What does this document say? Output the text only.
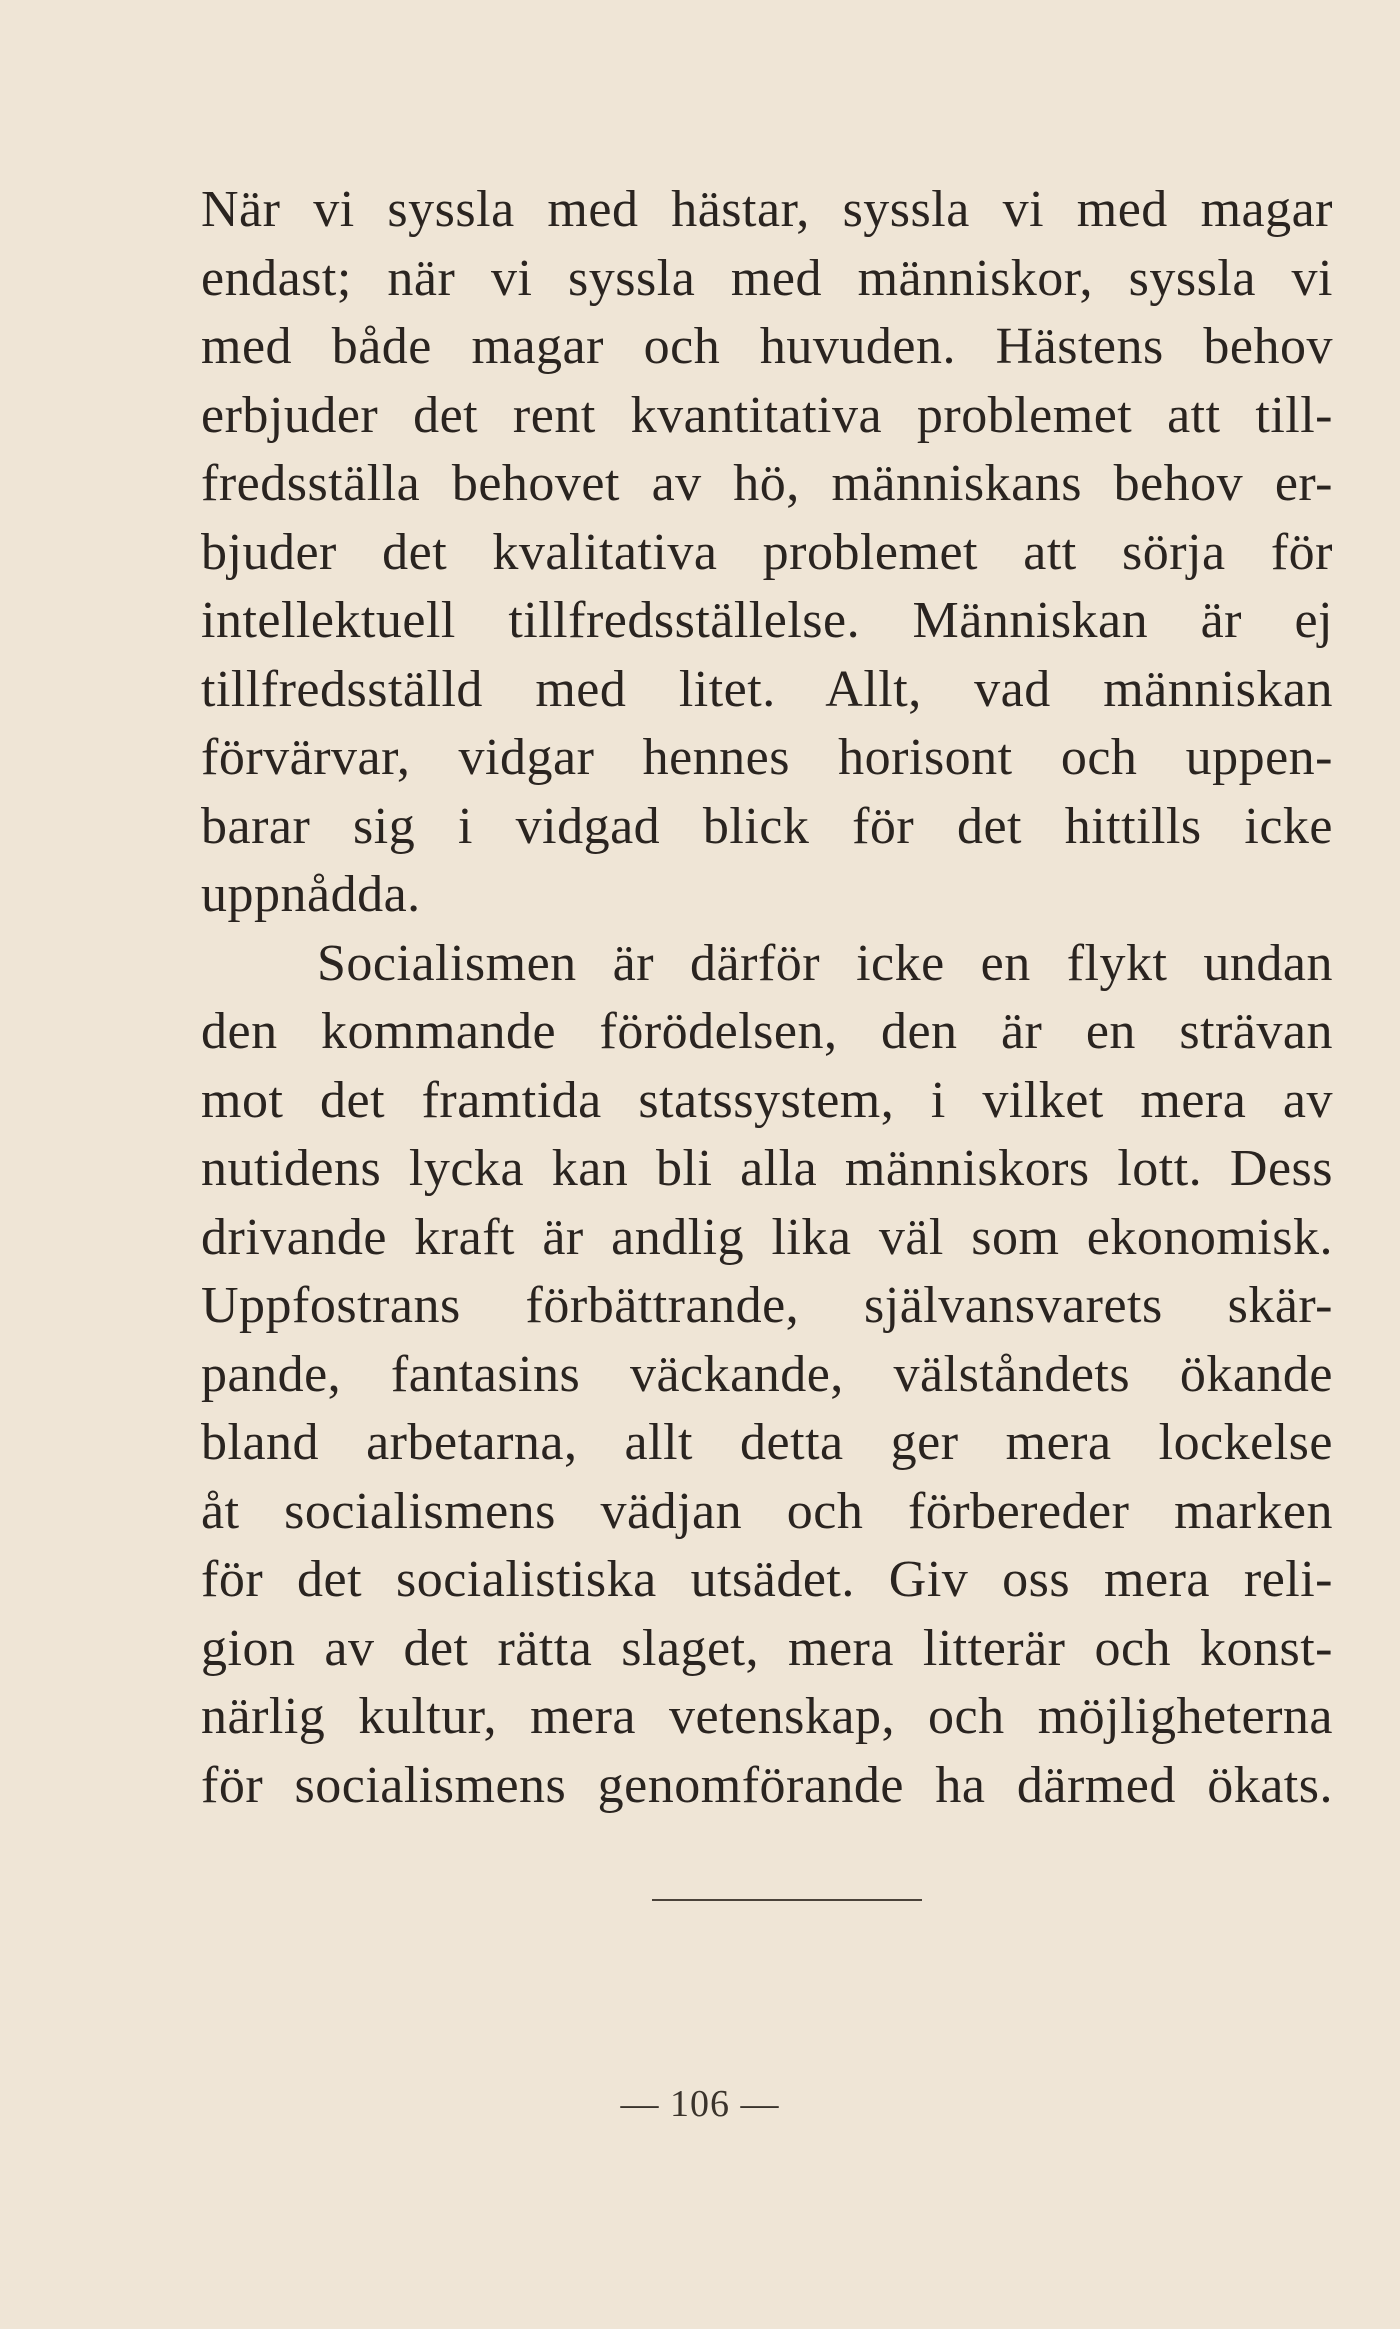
När vi syssla med hästar, syssla vi med magar
endast; när vi syssla med människor, syssla vi
med både magar och huvuden. Hästens behov
erbjuder det rent kvantitativa problemet att till-
fredsställa behovet av hö, människans behov er-
bjuder det kvalitativa problemet att sörja för
intellektuell tillfredsställelse. Människan är ej
tillfredsställd med litet. Allt, vad människan
förvärvar, vidgar hennes horisont och uppen-
barar sig i vidgad blick för det hittills icke
uppnådda.
Socialismen är därför icke en flykt undan
den kommande förödelsen, den är en strävan
mot det framtida statssystem, i vilket mera av
nutidens lycka kan bli alla människors lott. Dess
drivande kraft är andlig lika väl som ekonomisk.
Uppfostrans förbättrande, självansvarets skär-
pande, fantasins väckande, välståndets ökande
bland arbetarna, allt detta ger mera lockelse
åt socialismens vädjan och förbereder marken
för det socialistiska utsädet. Giv oss mera reli-
gion av det rätta slaget, mera litterär och konst-
närlig kultur, mera vetenskap, och möjligheterna
för socialismens genomförande ha därmed ökats.
— 106 —
